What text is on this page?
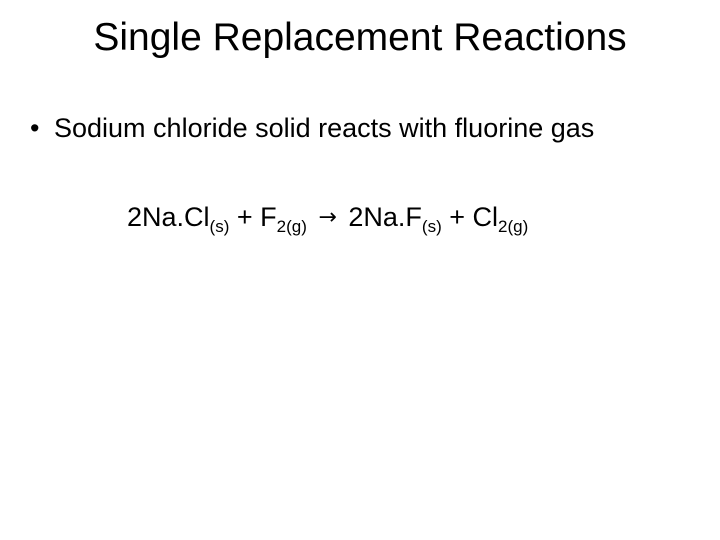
Single Replacement Reactions
• Sodium chloride solid reacts with fluorine gas
$2Na.Cl_{(s)} + F_{2(g)} \to 2Na.F_{(s)} + Cl_{2(g)}$
